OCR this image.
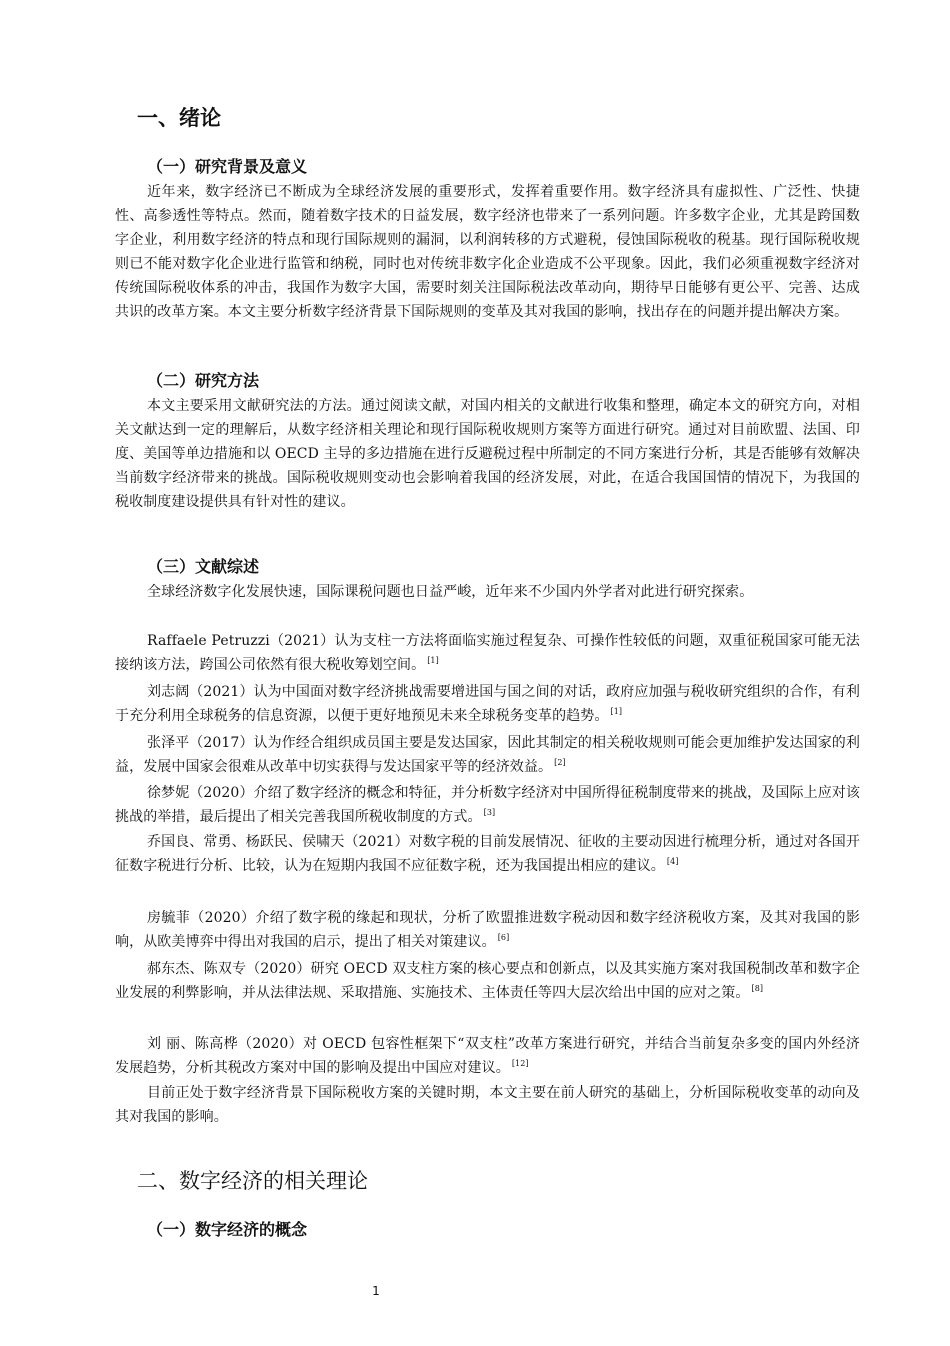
一、绪论
（一）研究背景及意义
近年来，数字经济已不断成为全球经济发展的重要形式，发挥着重要作用。数字经济具有虚拟性、广泛性、快捷性、高参透性等特点。然而，随着数字技术的日益发展，数字经济也带来了一系列问题。许多数字企业，尤其是跨国数字企业，利用数字经济的特点和现行国际规则的漏洞，以利润转移的方式避税，侵蚀国际税收的税基。现行国际税收规则已不能对数字化企业进行监管和纳税，同时也对传统非数字化企业造成不公平现象。因此，我们必须重视数字经济对传统国际税收体系的冲击，我国作为数字大国，需要时刻关注国际税法改革动向，期待早日能够有更公平、完善、达成共识的改革方案。本文主要分析数字经济背景下国际规则的变革及其对我国的影响，找出存在的问题并提出解决方案。
（二）研究方法
本文主要采用文献研究法的方法。通过阅读文献，对国内相关的文献进行收集和整理，确定本文的研究方向，对相关文献达到一定的理解后，从数字经济相关理论和现行国际税收规则方案等方面进行研究。通过对目前欧盟、法国、印度、美国等单边措施和以 OECD 主导的多边措施在进行反避税过程中所制定的不同方案进行分析，其是否能够有效解决当前数字经济带来的挑战。国际税收规则变动也会影响着我国的经济发展，对此，在适合我国国情的情况下，为我国的税收制度建设提供具有针对性的建议。
（三）文献综述
全球经济数字化发展快速，国际课税问题也日益严峻，近年来不少国内外学者对此进行研究探索。
Raffaele Petruzzi（2021）认为支柱一方法将面临实施过程复杂、可操作性较低的问题，双重征税国家可能无法接纳该方法，跨国公司依然有很大税收筹划空间。 [1]
刘志阔（2021）认为中国面对数字经济挑战需要增进国与国之间的对话，政府应加强与税收研究组织的合作，有利于充分利用全球税务的信息资源，以便于更好地预见未来全球税务变革的趋势。 [1]
张泽平（2017）认为作经合组织成员国主要是发达国家，因此其制定的相关税收规则可能会更加维护发达国家的利益，发展中国家会很难从改革中切实获得与发达国家平等的经济效益。 [2]
徐梦妮（2020）介绍了数字经济的概念和特征，并分析数字经济对中国所得征税制度带来的挑战，及国际上应对该挑战的举措，最后提出了相关完善我国所税收制度的方式。 [3]
乔国良、常勇、杨跃民、侯啸天（2021）对数字税的目前发展情况、征收的主要动因进行梳理分析，通过对各国开征数字税进行分析、比较，认为在短期内我国不应征数字税，还为我国提出相应的建议。 [4]
房毓菲（2020）介绍了数字税的缘起和现状，分析了欧盟推进数字税动因和数字经济税收方案，及其对我国的影响，从欧美博弈中得出对我国的启示，提出了相关对策建议。 [6]
郝东杰、陈双专（2020）研究 OECD 双支柱方案的核心要点和创新点，以及其实施方案对我国税制改革和数字企业发展的利弊影响，并从法律法规、采取措施、实施技术、主体责任等四大层次给出中国的应对之策。 [8]
刘 丽、陈高桦（2020）对 OECD 包容性框架下“双支柱”改革方案进行研究，并结合当前复杂多变的国内外经济发展趋势，分析其税改方案对中国的影响及提出中国应对建议。 [12]
目前正处于数字经济背景下国际税收方案的关键时期，本文主要在前人研究的基础上，分析国际税收变革的动向及其对我国的影响。
二、数字经济的相关理论
（一）数字经济的概念
1
